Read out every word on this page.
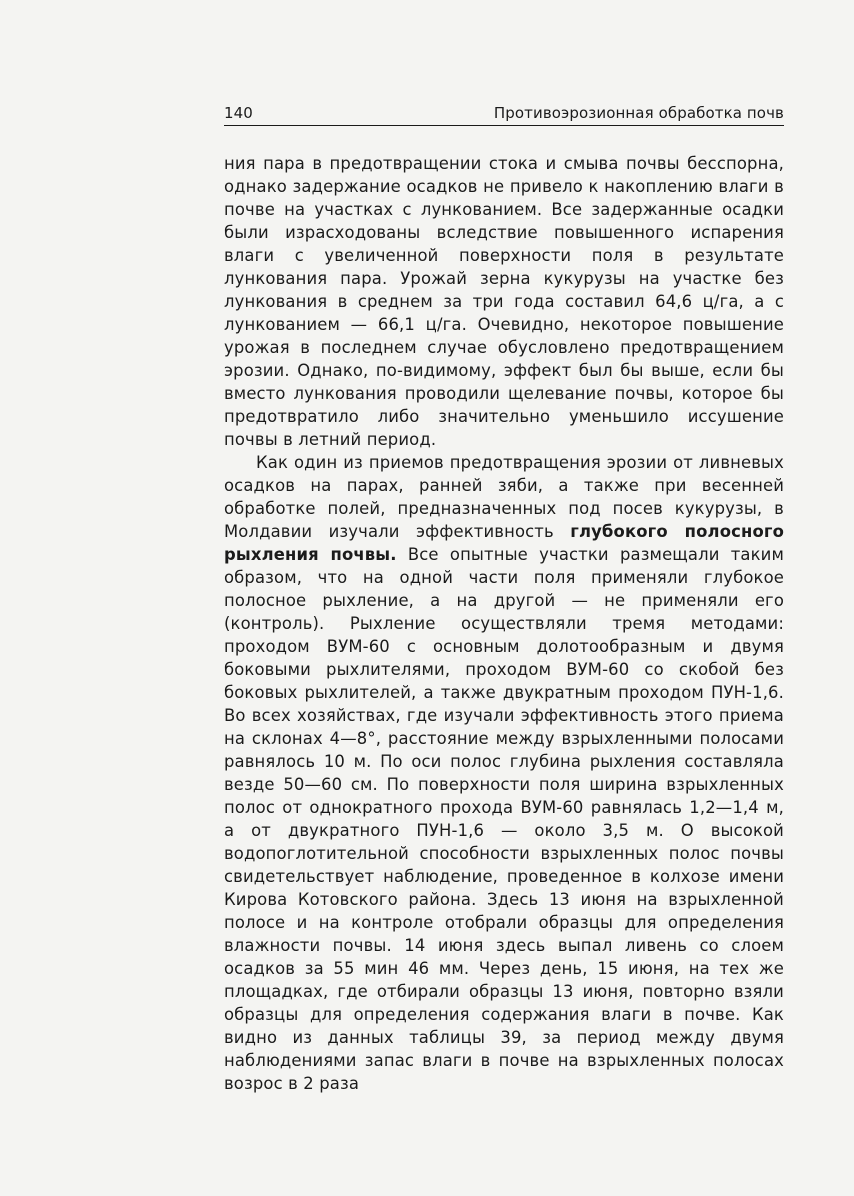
140	Противоэрозионная обработка почв

ния пара в предотвращении стока и смыва почвы бесспорна, однако задержание осадков не привело к накоплению влаги в почве на участках с лункованием. Все задержанные осадки были израсходованы вследствие повышенного испарения влаги с увеличенной поверхности поля в результате лункования пара. Урожай зерна кукурузы на участке без лункования в среднем за три года составил 64,6 ц/га, а с лункованием — 66,1 ц/га. Очевидно, некоторое повышение урожая в последнем случае обусловлено предотвращением эрозии. Однако, по-видимому, эффект был бы выше, если бы вместо лункования проводили щелевание почвы, которое бы предотвратило либо значительно уменьшило иссушение почвы в летний период.

Как один из приемов предотвращения эрозии от ливневых осадков на парах, ранней зяби, а также при весенней обработке полей, предназначенных под посев кукурузы, в Молдавии изучали эффективность глубокого полосного рыхления почвы. Все опытные участки размещали таким образом, что на одной части поля применяли глубокое полосное рыхление, а на другой — не применяли его (контроль). Рыхление осуществляли тремя методами: проходом ВУМ-60 с основным долотообразным и двумя боковыми рыхлителями, проходом ВУМ-60 со скобой без боковых рыхлителей, а также двукратным проходом ПУН-1,6. Во всех хозяйствах, где изучали эффективность этого приема на склонах 4—8°, расстояние между взрыхленными полосами равнялось 10 м. По оси полос глубина рыхления составляла везде 50—60 см. По поверхности поля ширина взрыхленных полос от однократного прохода ВУМ-60 равнялась 1,2—1,4 м, а от двукратного ПУН-1,6 — около 3,5 м. О высокой водопоглотительной способности взрыхленных полос почвы свидетельствует наблюдение, проведенное в колхозе имени Кирова Котовского района. Здесь 13 июня на взрыхленной полосе и на контроле отобрали образцы для определения влажности почвы. 14 июня здесь выпал ливень со слоем осадков за 55 мин 46 мм. Через день, 15 июня, на тех же площадках, где отбирали образцы 13 июня, повторно взяли образцы для определения содержания влаги в почве. Как видно из данных таблицы 39, за период между двумя наблюдениями запас влаги в почве на взрыхленных полосах возрос в 2 раза
